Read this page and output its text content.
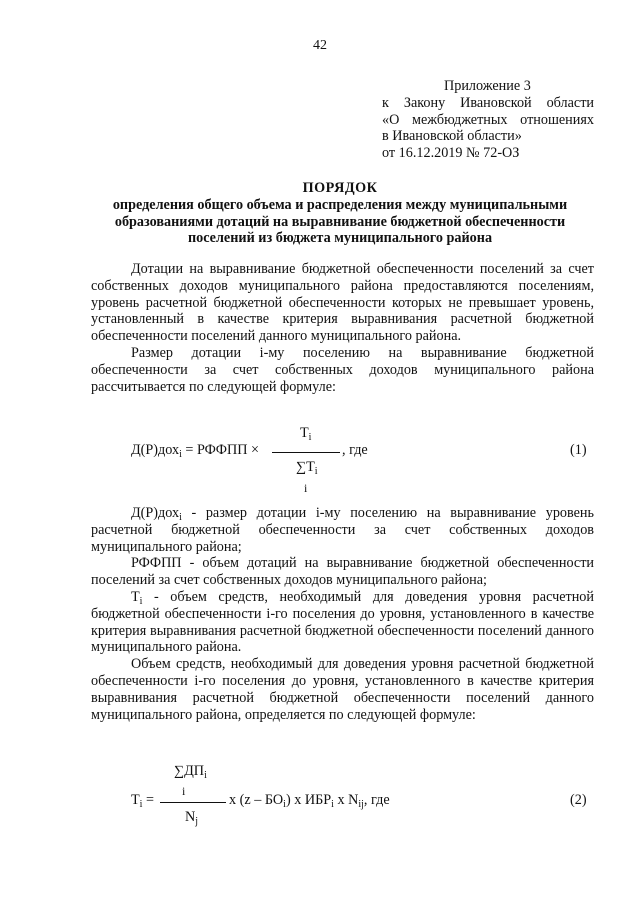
42
Приложение 3
к Закону Ивановской области
«О межбюджетных отношениях
в Ивановской области»
от 16.12.2019 № 72-ОЗ
ПОРЯДОК
определения общего объема и распределения между муниципальными
образованиями дотаций на выравнивание бюджетной обеспеченности
поселений из бюджета муниципального района

Дотации на выравнивание бюджетной обеспеченности поселений за счет собственных доходов муниципального района предоставляются поселениям, уровень расчетной бюджетной обеспеченности которых не превышает уровень, установленный в качестве критерия выравнивания расчетной бюджетной обеспеченности поселений данного муниципального района.

Размер дотации i-му поселению на выравнивание бюджетной обеспеченности за счет собственных доходов муниципального района рассчитывается по следующей формуле:

Д(Р)дох$_i$ = РФФПП ×
$T_i$
$\sum T_i$
i
, где	(1)

Д(Р)дох$_i$ - размер дотации i-му поселению на выравнивание уровень расчетной бюджетной обеспеченности за счет собственных доходов муниципального района;

РФФПП - объем дотаций на выравнивание бюджетной обеспеченности поселений за счет собственных доходов муниципального района;

$T_i$ - объем средств, необходимый для доведения уровня расчетной бюджетной обеспеченности i-го поселения до уровня, установленного в качестве критерия выравнивания расчетной бюджетной обеспеченности поселений данного муниципального района.

Объем средств, необходимый для доведения уровня расчетной бюджетной обеспеченности i-го поселения до уровня, установленного в качестве критерия выравнивания расчетной бюджетной обеспеченности поселений данного муниципального района, определяется по следующей формуле:

$\sum ДП_i$
i
$T_i$ =
$N_j$
x $(z - БО_i)$ x $ИБР_i$ x $N_{ij}$, где	(2)
